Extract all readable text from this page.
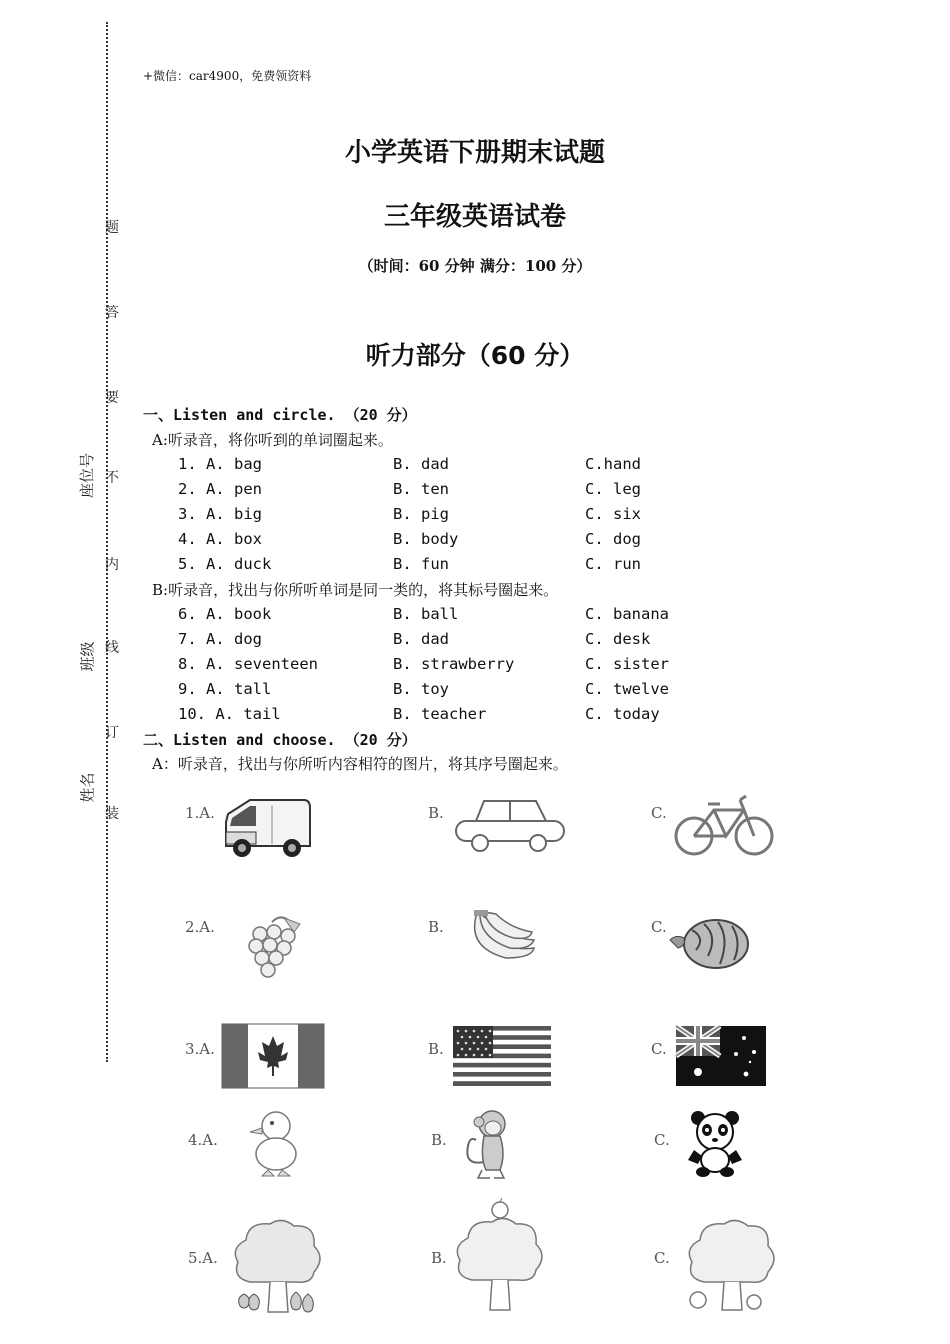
题
答
要
不
内
线
订
装
座位号
班级
姓名
+微信：car4900，免费领资料
小学英语下册期末试题
三年级英语试卷
（时间：60 分钟 满分：100 分）
听力部分（60 分）
一、Listen and circle. （20 分）
A:听录音，将你听到的单词圈起来。
1. A. bag	B. dad	C.hand
2. A. pen	B. ten	C. leg
3. A. big	B. pig	C. six
4. A. box	B. body	C. dog
5. A. duck	B. fun	C. run
B:听录音，找出与你所听单词是同一类的，将其标号圈起来。
6. A. book	B. ball	C. banana
7. A. dog	B. dad	C. desk
8. A. seventeen	B. strawberry	C. sister
9. A. tall	B. toy	C. twelve
10. A. tail	B. teacher	C. today
二、Listen and choose. （20 分）
A：听录音，找出与你所听内容相符的图片，将其序号圈起来。
1.A.	B.	C.
2.A.	B.	C.
3.A.	B.	C.
4.A.	B.	C.
5.A.	B.	C.
